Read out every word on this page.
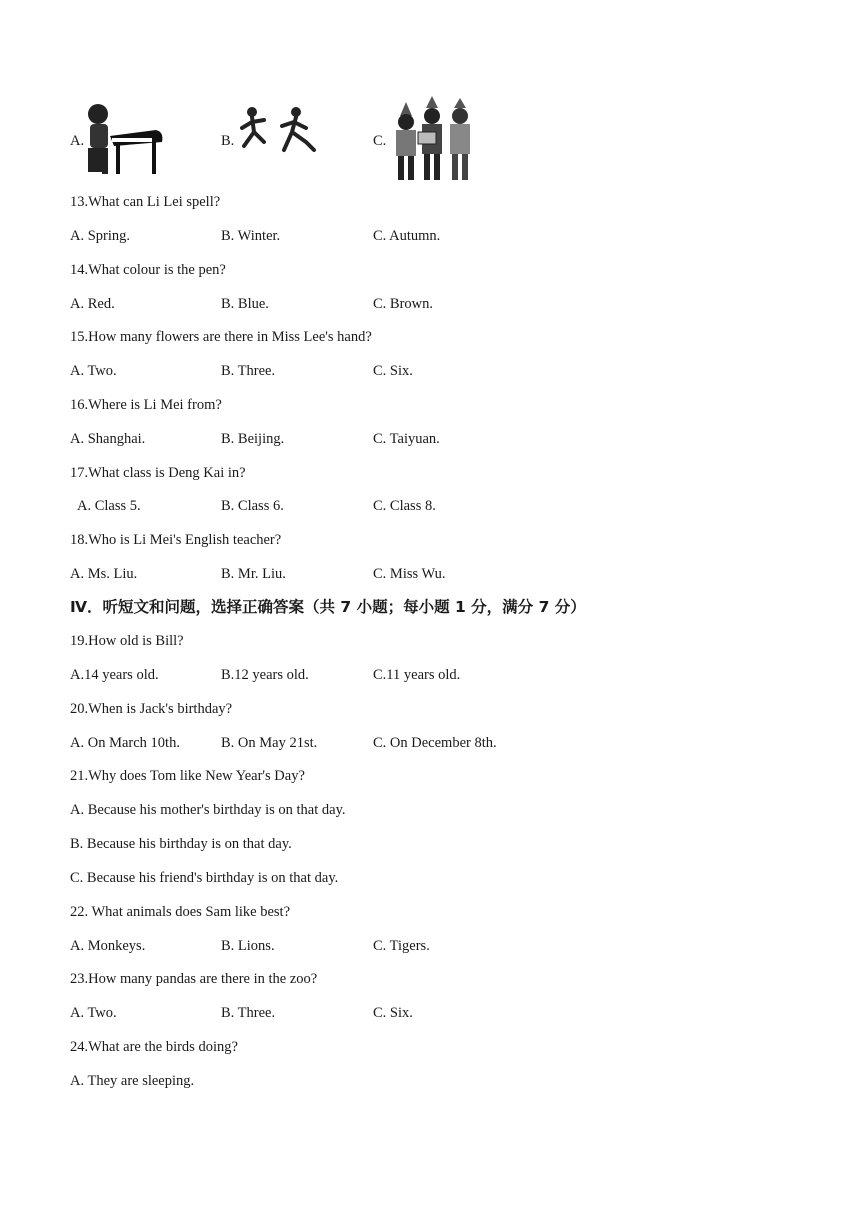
A.	B.	C.
13.What can Li Lei spell?
A. Spring.	B. Winter.	C. Autumn.
14.What colour is the pen?
A. Red.	B. Blue.	C. Brown.
15.How many flowers are there in Miss Lee's hand?
A. Two.	B. Three.	C. Six.
16.Where is Li Mei from?
A. Shanghai.	B. Beijing.	C. Taiyuan.
17.What class is Deng Kai in?
A. Class 5.	B. Class 6.	C. Class 8.
18.Who is Li Mei's English teacher?
A. Ms. Liu.	B. Mr. Liu.	C. Miss Wu.
Ⅳ．听短文和问题，选择正确答案（共 7 小题；每小题 1 分，满分 7 分）
19.How old is Bill?
A.14 years old.	B.12 years old.	C.11 years old.
20.When is Jack's birthday?
A. On March 10th.	B. On May 21st.	C. On December 8th.
21.Why does Tom like New Year's Day?
A. Because his mother's birthday is on that day.
B. Because his birthday is on that day.
C. Because his friend's birthday is on that day.
22. What animals does Sam like best?
A. Monkeys.	B. Lions.	C. Tigers.
23.How many pandas are there in the zoo?
A. Two.	B. Three.	C. Six.
24.What are the birds doing?
A. They are sleeping.
